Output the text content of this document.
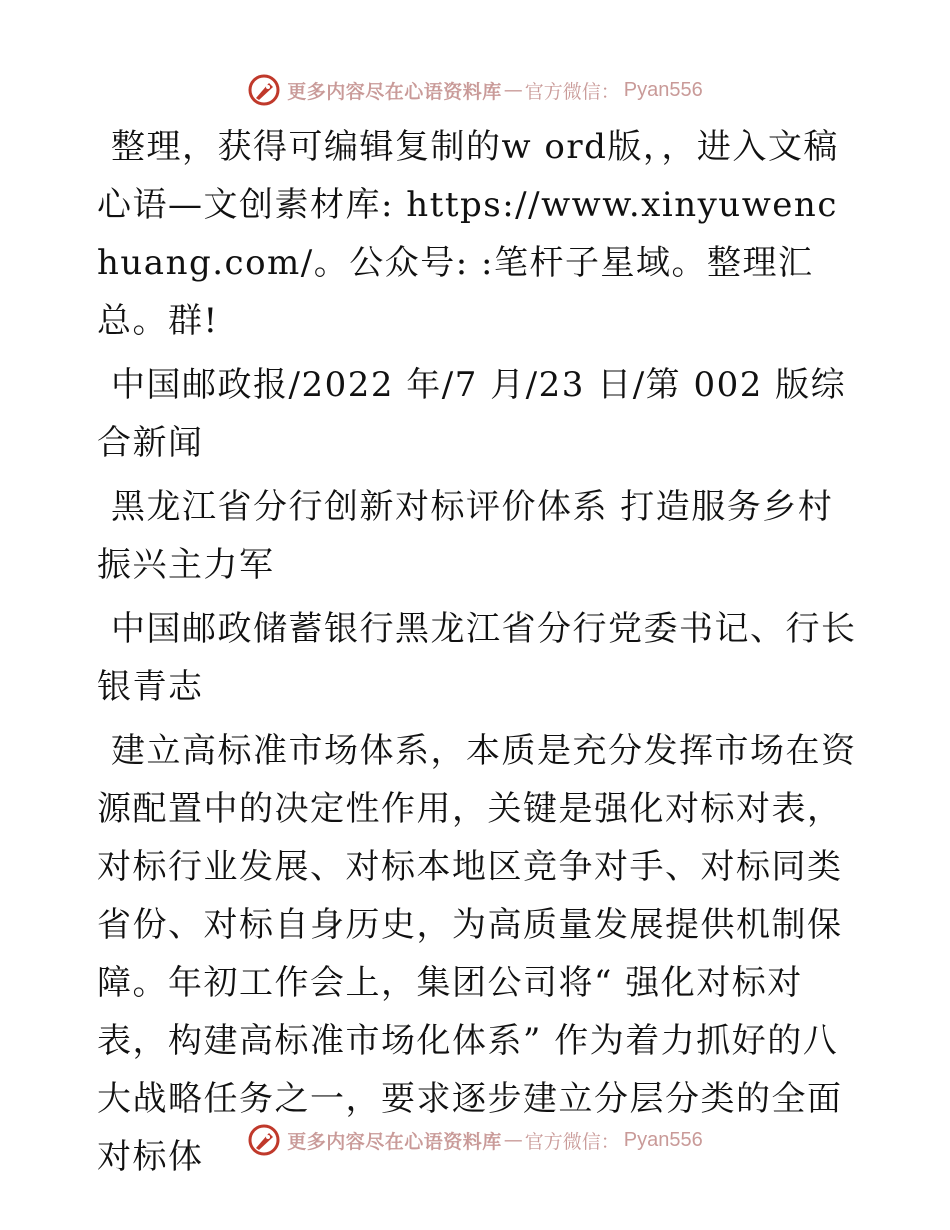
更多内容尽在心语资料库 — 官方微信： Pyan556

整理，获得可编辑复制的w ord版，，进入文稿心语—文创素材库: https://www.xinyuwenchuang.com/。公众号: :笔杆子星域。整理汇总。群!

中国邮政报/2022 年/7 月/23 日/第 002 版综合新闻

黑龙江省分行创新对标评价体系 打造服务乡村振兴主力军

中国邮政储蓄银行黑龙江省分行党委书记、行长银青志

建立高标准市场体系，本质是充分发挥市场在资源配置中的决定性作用，关键是强化对标对表，对标行业发展、对标本地区竞争对手、对标同类省份、对标自身历史，为高质量发展提供机制保障。年初工作会上，集团公司将“ 强化对标对表，构建高标准市场化体系” 作为着力抓好的八大战略任务之一，要求逐步建立分层分类的全面对标体	更多内容尽在心语资料库 — 官方微信： Pyan556
